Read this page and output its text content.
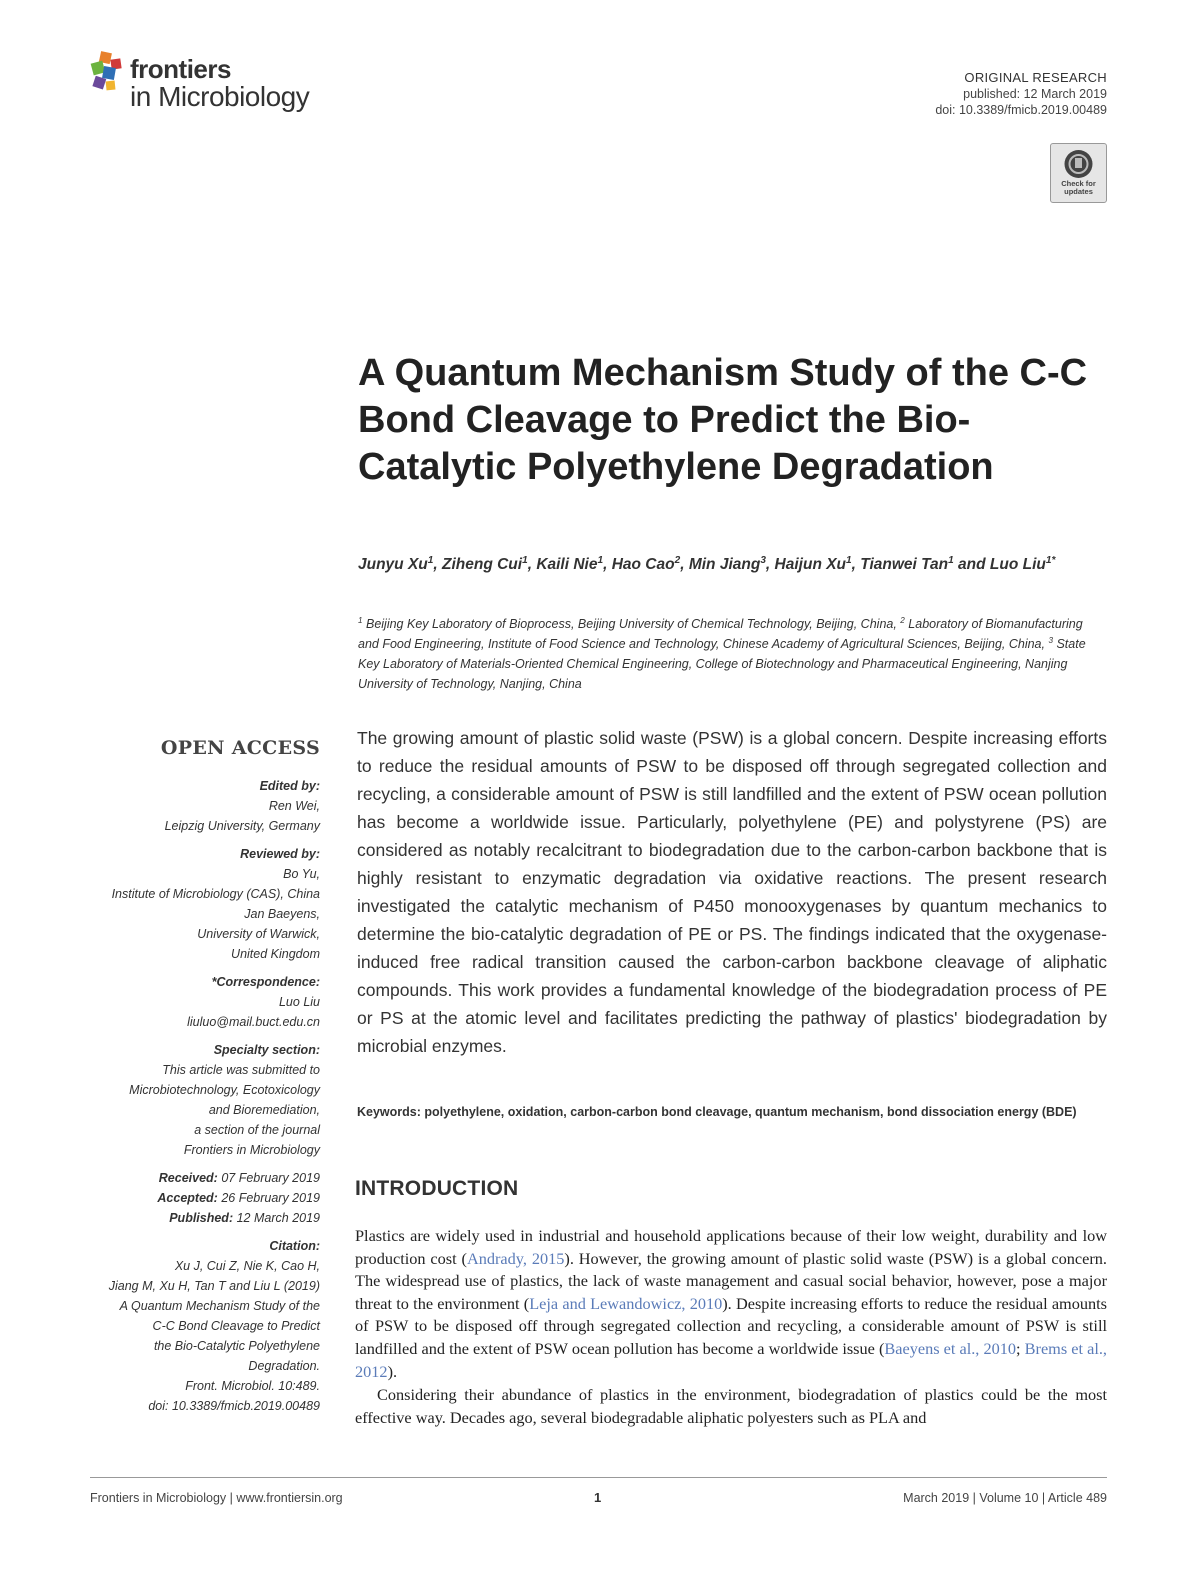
frontiers
in Microbiology
ORIGINAL RESEARCH
published: 12 March 2019
doi: 10.3389/fmicb.2019.00489
Check for updates
A Quantum Mechanism Study of the C-C Bond Cleavage to Predict the Bio-Catalytic Polyethylene Degradation
Junyu Xu$^1$, Ziheng Cui$^1$, Kaili Nie$^1$, Hao Cao$^2$, Min Jiang$^3$, Haijun Xu$^1$, Tianwei Tan$^1$ and Luo Liu$^{1*}$
$^1$ Beijing Key Laboratory of Bioprocess, Beijing University of Chemical Technology, Beijing, China, $^2$ Laboratory of Biomanufacturing and Food Engineering, Institute of Food Science and Technology, Chinese Academy of Agricultural Sciences, Beijing, China, $^3$ State Key Laboratory of Materials-Oriented Chemical Engineering, College of Biotechnology and Pharmaceutical Engineering, Nanjing University of Technology, Nanjing, China
OPEN ACCESS
Edited by:
Ren Wei,
Leipzig University, Germany
Reviewed by:
Bo Yu,
Institute of Microbiology (CAS), China
Jan Baeyens,
University of Warwick,
United Kingdom
*Correspondence:
Luo Liu
liuluo@mail.buct.edu.cn
Specialty section:
This article was submitted to
Microbiotechnology, Ecotoxicology
and Bioremediation,
a section of the journal
Frontiers in Microbiology
Received: 07 February 2019
Accepted: 26 February 2019
Published: 12 March 2019
Citation:
Xu J, Cui Z, Nie K, Cao H,
Jiang M, Xu H, Tan T and Liu L (2019)
A Quantum Mechanism Study of the
C-C Bond Cleavage to Predict
the Bio-Catalytic Polyethylene
Degradation.
Front. Microbiol. 10:489.
doi: 10.3389/fmicb.2019.00489

The growing amount of plastic solid waste (PSW) is a global concern. Despite increasing efforts to reduce the residual amounts of PSW to be disposed off through segregated collection and recycling, a considerable amount of PSW is still landfilled and the extent of PSW ocean pollution has become a worldwide issue. Particularly, polyethylene (PE) and polystyrene (PS) are considered as notably recalcitrant to biodegradation due to the carbon-carbon backbone that is highly resistant to enzymatic degradation via oxidative reactions. The present research investigated the catalytic mechanism of P450 monooxygenases by quantum mechanics to determine the bio-catalytic degradation of PE or PS. The findings indicated that the oxygenase-induced free radical transition caused the carbon-carbon backbone cleavage of aliphatic compounds. This work provides a fundamental knowledge of the biodegradation process of PE or PS at the atomic level and facilitates predicting the pathway of plastics' biodegradation by microbial enzymes.

Keywords: polyethylene, oxidation, carbon-carbon bond cleavage, quantum mechanism, bond dissociation energy (BDE)
INTRODUCTION

Plastics are widely used in industrial and household applications because of their low weight, durability and low production cost (Andrady, 2015). However, the growing amount of plastic solid waste (PSW) is a global concern. The widespread use of plastics, the lack of waste management and casual social behavior, however, pose a major threat to the environment (Leja and Lewandowicz, 2010). Despite increasing efforts to reduce the residual amounts of PSW to be disposed off through segregated collection and recycling, a considerable amount of PSW is still landfilled and the extent of PSW ocean pollution has become a worldwide issue (Baeyens et al., 2010; Brems et al., 2012).

Considering their abundance of plastics in the environment, biodegradation of plastics could be the most effective way. Decades ago, several biodegradable aliphatic polyesters such as PLA and

Frontiers in Microbiology | www.frontiersin.org	1	March 2019 | Volume 10 | Article 489
